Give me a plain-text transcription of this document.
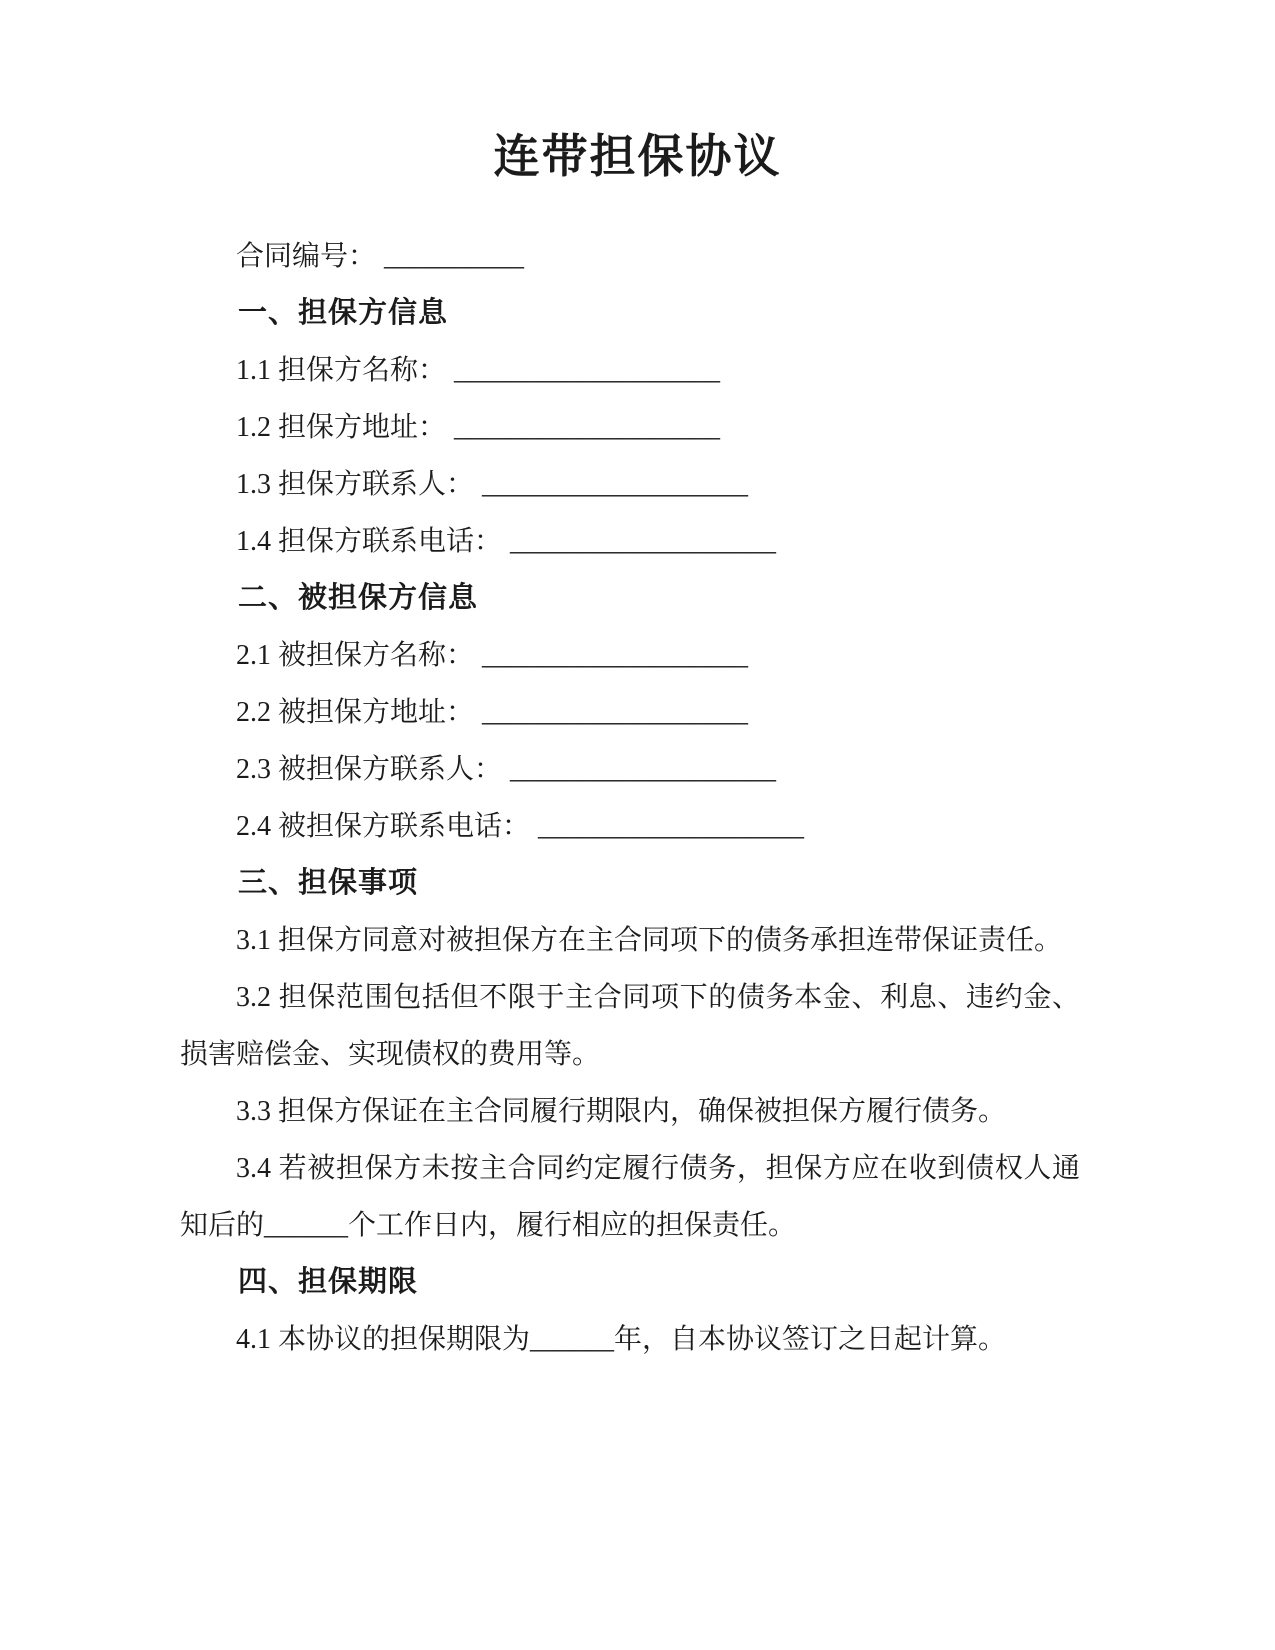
连带担保协议

合同编号： __________

一、担保方信息

1.1 担保方名称： ___________________

1.2 担保方地址： ___________________

1.3 担保方联系人： ___________________

1.4 担保方联系电话： ___________________

二、被担保方信息

2.1 被担保方名称： ___________________

2.2 被担保方地址： ___________________

2.3 被担保方联系人： ___________________

2.4 被担保方联系电话： ___________________

三、担保事项

3.1 担保方同意对被担保方在主合同项下的债务承担连带保证责任。

3.2 担保范围包括但不限于主合同项下的债务本金、利息、违约金、损害赔偿金、实现债权的费用等。

3.3 担保方保证在主合同履行期限内，确保被担保方履行债务。

3.4 若被担保方未按主合同约定履行债务，担保方应在收到债权人通知后的______个工作日内，履行相应的担保责任。

四、担保期限

4.1 本协议的担保期限为______年，自本协议签订之日起计算。
